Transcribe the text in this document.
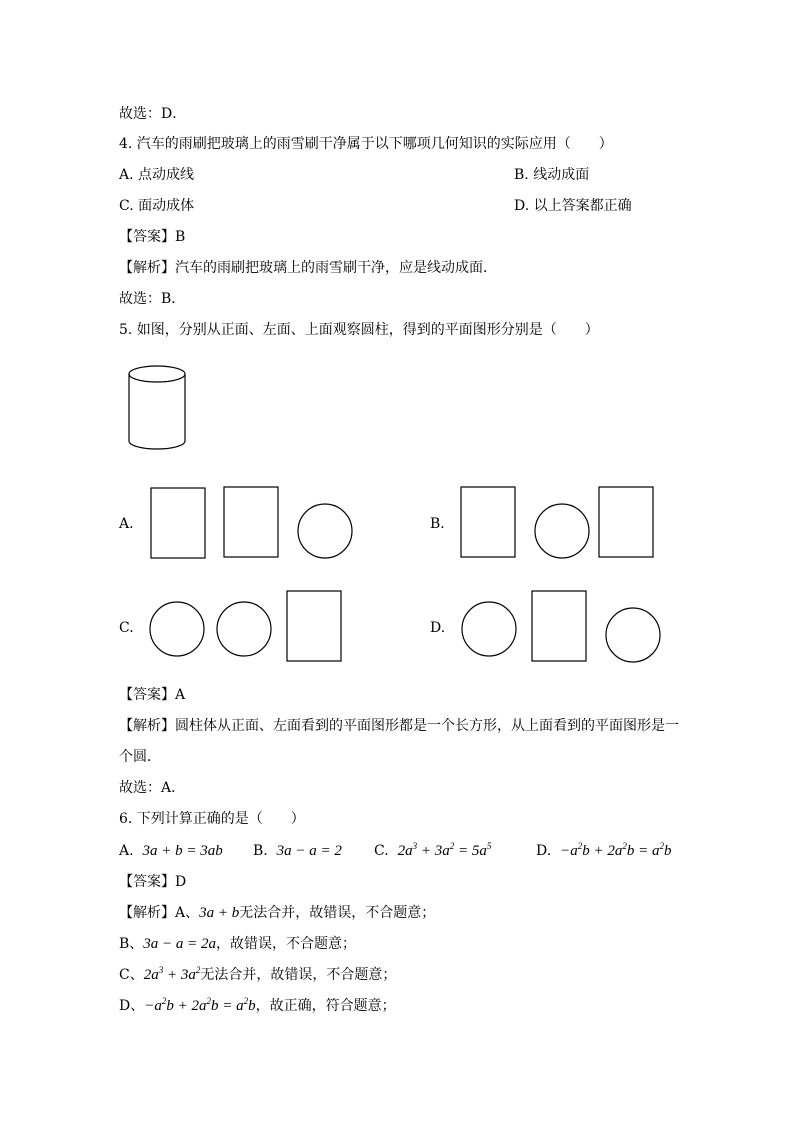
故选：D．
4. 汽车的雨刷把玻璃上的雨雪刷干净属于以下哪项几何知识的实际应用（　　）
A. 点动成线	B. 线动成面
C. 面动成体	D. 以上答案都正确
【答案】B
【解析】汽车的雨刷把玻璃上的雨雪刷干净，应是线动成面．
故选：B．
5. 如图，分别从正面、左面、上面观察圆柱，得到的平面图形分别是（　　）
A.	B.
C.	D.
【答案】A
【解析】圆柱体从正面、左面看到的平面图形都是一个长方形，从上面看到的平面图形是一
个圆．
故选：A．
6. 下列计算正确的是（　　）
A. 3a + b = 3ab B. 3a − a = 2 C. $2a^3 + 3a^2 = 5a^5$	D. $-a^2b + 2a^2b = a^2b$
【答案】D
【解析】A、3a + b无法合并，故错误，不合题意；
B、3a − a = 2a，故错误，不合题意；
C、$2a^3 + 3a^2$无法合并，故错误，不合题意；
D、$-a^2b + 2a^2b = a^2b$，故正确，符合题意；
